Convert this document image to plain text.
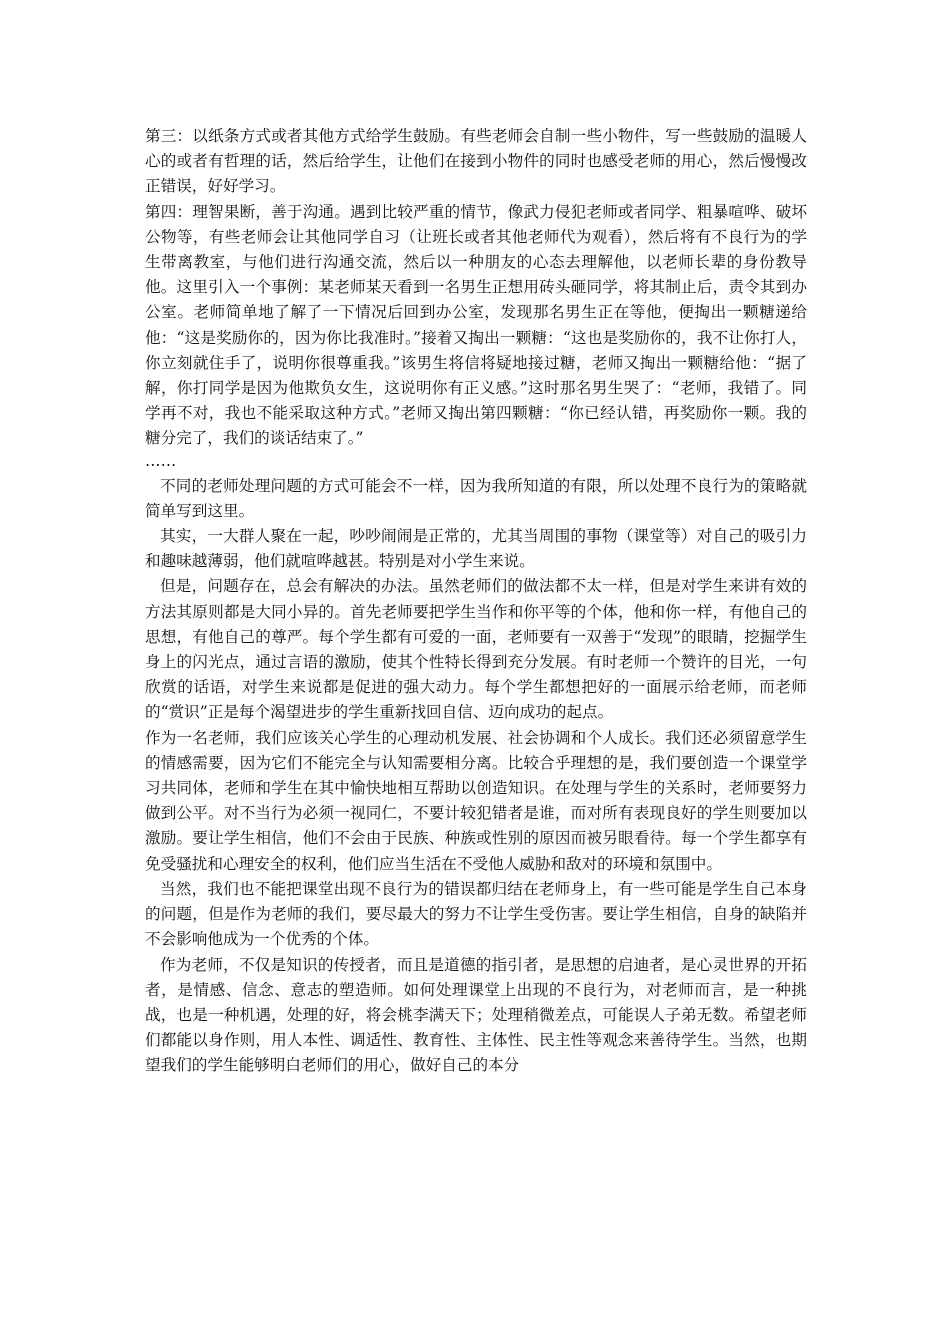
第三：以纸条方式或者其他方式给学生鼓励。有些老师会自制一些小物件，写一些鼓励的温暖人心的或者有哲理的话，然后给学生，让他们在接到小物件的同时也感受老师的用心，然后慢慢改正错误，好好学习。

第四：理智果断，善于沟通。遇到比较严重的情节，像武力侵犯老师或者同学、粗暴喧哗、破坏公物等，有些老师会让其他同学自习（让班长或者其他老师代为观看），然后将有不良行为的学生带离教室，与他们进行沟通交流，然后以一种朋友的心态去理解他，以老师长辈的身份教导他。这里引入一个事例：某老师某天看到一名男生正想用砖头砸同学，将其制止后，责令其到办公室。老师简单地了解了一下情况后回到办公室，发现那名男生正在等他，便掏出一颗糖递给他：“这是奖励你的，因为你比我准时。”接着又掏出一颗糖：“这也是奖励你的，我不让你打人，你立刻就住手了，说明你很尊重我。”该男生将信将疑地接过糖，老师又掏出一颗糖给他：“据了解，你打同学是因为他欺负女生，这说明你有正义感。”这时那名男生哭了：“老师，我错了。同学再不对，我也不能采取这种方式。”老师又掏出第四颗糖：“你已经认错，再奖励你一颗。我的糖分完了，我们的谈话结束了。”

……

不同的老师处理问题的方式可能会不一样，因为我所知道的有限，所以处理不良行为的策略就简单写到这里。

其实，一大群人聚在一起，吵吵闹闹是正常的，尤其当周围的事物（课堂等）对自己的吸引力和趣味越薄弱，他们就喧哗越甚。特别是对小学生来说。

但是，问题存在，总会有解决的办法。虽然老师们的做法都不太一样，但是对学生来讲有效的方法其原则都是大同小异的。首先老师要把学生当作和你平等的个体，他和你一样，有他自己的思想，有他自己的尊严。每个学生都有可爱的一面，老师要有一双善于“发现”的眼睛，挖掘学生身上的闪光点，通过言语的激励，使其个性特长得到充分发展。有时老师一个赞许的目光，一句欣赏的话语，对学生来说都是促进的强大动力。每个学生都想把好的一面展示给老师，而老师的“赏识”正是每个渴望进步的学生重新找回自信、迈向成功的起点。

作为一名老师，我们应该关心学生的心理动机发展、社会协调和个人成长。我们还必须留意学生的情感需要，因为它们不能完全与认知需要相分离。比较合乎理想的是，我们要创造一个课堂学习共同体，老师和学生在其中愉快地相互帮助以创造知识。在处理与学生的关系时，老师要努力做到公平。对不当行为必须一视同仁，不要计较犯错者是谁，而对所有表现良好的学生则要加以激励。要让学生相信，他们不会由于民族、种族或性别的原因而被另眼看待。每一个学生都享有免受骚扰和心理安全的权利，他们应当生活在不受他人威胁和敌对的环境和氛围中。

当然，我们也不能把课堂出现不良行为的错误都归结在老师身上，有一些可能是学生自己本身的问题，但是作为老师的我们，要尽最大的努力不让学生受伤害。要让学生相信，自身的缺陷并不会影响他成为一个优秀的个体。

作为老师，不仅是知识的传授者，而且是道德的指引者，是思想的启迪者，是心灵世界的开拓者，是情感、信念、意志的塑造师。如何处理课堂上出现的不良行为，对老师而言，是一种挑战，也是一种机遇，处理的好，将会桃李满天下；处理稍微差点，可能误人子弟无数。希望老师们都能以身作则，用人本性、调适性、教育性、主体性、民主性等观念来善待学生。当然，也期望我们的学生能够明白老师们的用心，做好自己的本分
